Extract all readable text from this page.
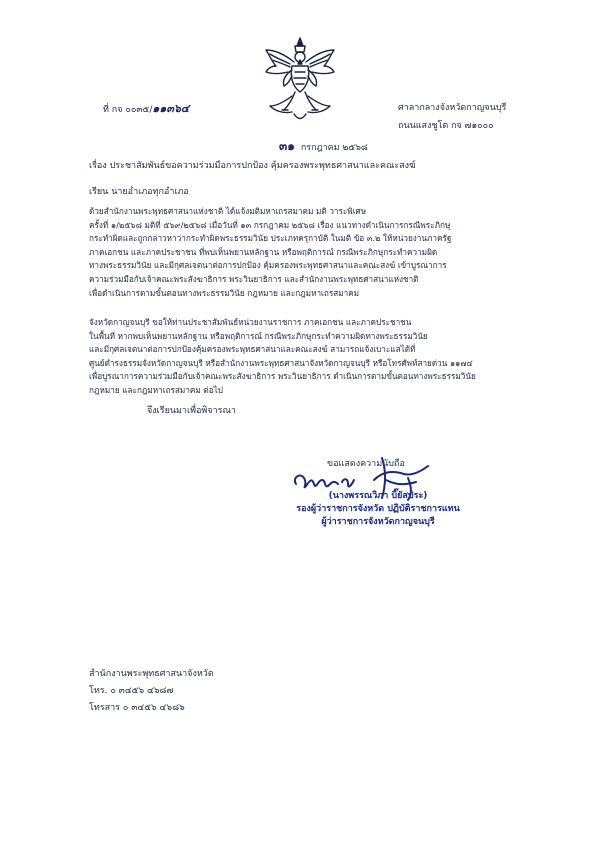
ที่ กจ ๐๐๓๕/๑๑๓๖๔	ศาลากลางจังหวัดกาญจนบุรี
ถนนแสงชูโต กจ ๗๑๐๐๐
๓๑ กรกฎาคม ๒๕๖๘
เรื่อง ประชาสัมพันธ์ขอความร่วมมือการปกป้อง คุ้มครองพระพุทธศาสนาและคณะสงฆ์
เรียน นายอำเภอทุกอำเภอ
ด้วยสำนักงานพระพุทธศาสนาแห่งชาติ ได้แจ้งมติมหาเถรสมาคม มติ วาระพิเศษ
ครั้งที่ ๑/๒๕๖๘ มติที่ ๕๖๙/๒๕๖๘ เมื่อวันที่ ๑๓ กรกฎาคม ๒๕๖๘ เรื่อง แนวทางดำเนินการกรณีพระภิกษุ
กระทำผิดและถูกกล่าวหาว่ากระทำผิดพระธรรมวินัย ประเภทครุกาบัติ ในมติ ข้อ ๓.๒ ให้หน่วยงานภาครัฐ
ภาคเอกชน และภาคประชาชน ที่พบเห็นพยานหลักฐาน หรือพฤติการณ์ กรณีพระภิกษุกระทำความผิด
ทางพระธรรมวินัย และมีกุศลเจตนาต่อการปกป้อง คุ้มครองพระพุทธศาสนาและคณะสงฆ์ เข้าบูรณาการ
ความร่วมมือกับเจ้าคณะพระสังฆาธิการ พระวินยาธิการ และสำนักงานพระพุทธศาสนาแห่งชาติ
เพื่อดำเนินการตามขั้นตอนทางพระธรรมวินัย กฎหมาย และกฎมหาเถรสมาคม
จังหวัดกาญจนบุรี ขอให้ท่านประชาสัมพันธ์หน่วยงานราชการ ภาคเอกชน และภาคประชาชน
ในพื้นที่ หากพบเห็นพยานหลักฐาน หรือพฤติการณ์ กรณีพระภิกษุกระทำความผิดทางพระธรรมวินัย
และมีกุศลเจตนาต่อการปกป้องคุ้มครองพระพุทธศาสนาและคณะสงฆ์ สามารถแจ้งเบาะแสได้ที่
ศูนย์ดำรงธรรมจังหวัดกาญจนบุรี หรือสำนักงานพระพุทธศาสนาจังหวัดกาญจนบุรี หรือโทรศัพท์สายด่วน ๑๑๗๔
เพื่อบูรณาการความร่วมมือกับเจ้าคณะพระสังฆาธิการ พระวินยาธิการ ดำเนินการตามขั้นตอนทางพระธรรมวินัย
กฎหมาย และกฎมหาเถรสมาคม ต่อไป
จึงเรียนมาเพื่อพิจารณา
ขอแสดงความนับถือ
(นางพรรณวิภา บิ๊ยัสประ)
รองผู้ว่าราชการจังหวัด ปฏิบัติราชการแทน
ผู้ว่าราชการจังหวัดกาญจนบุรี
สำนักงานพระพุทธศาสนาจังหวัด
โทร. ๐ ๓๔๕๖ ๔๖๘๗
โทรสาร ๐ ๓๔๕๖ ๔๖๘๖
